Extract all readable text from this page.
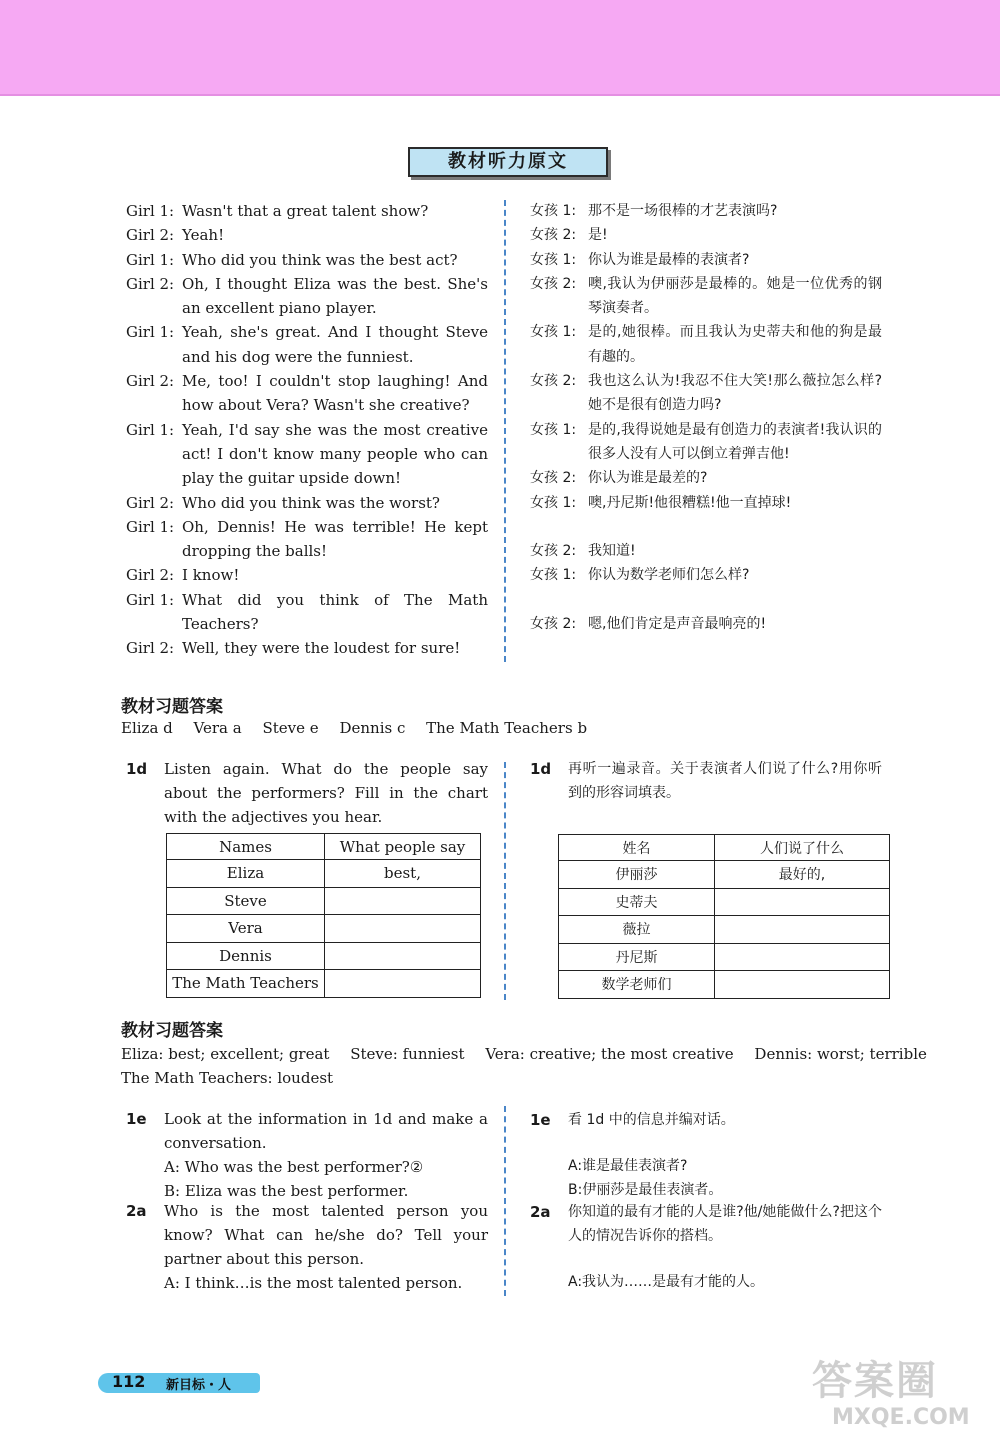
教材听力原文
Girl 1: Wasn't that a great talent show?
Girl 2: Yeah!
Girl 1: Who did you think was the best act?
Girl 2: Oh, I thought Eliza was the best. She's an excellent piano player.
Girl 1: Yeah, she's great. And I thought Steve and his dog were the funniest.
Girl 2: Me, too! I couldn't stop laughing! And how about Vera? Wasn't she creative?
Girl 1: Yeah, I'd say she was the most creative act! I don't know many people who can play the guitar upside down!
Girl 2: Who did you think was the worst?
Girl 1: Oh, Dennis! He was terrible! He kept dropping the balls!
Girl 2: I know!
Girl 1: What did you think of The Math Teachers?
Girl 2: Well, they were the loudest for sure!
女孩 1: 那不是一场很棒的才艺表演吗?
女孩 2: 是!
女孩 1: 你认为谁是最棒的表演者?
女孩 2: 噢,我认为伊丽莎是最棒的。她是一位优秀的钢琴演奏者。
女孩 1: 是的,她很棒。而且我认为史蒂夫和他的狗是最有趣的。
女孩 2: 我也这么认为!我忍不住大笑!那么薇拉怎么样?她不是很有创造力吗?
女孩 1: 是的,我得说她是最有创造力的表演者!我认识的很多人没有人可以倒立着弹吉他!
女孩 2: 你认为谁是最差的?
女孩 1: 噢,丹尼斯!他很糟糕!他一直掉球!
女孩 2: 我知道!
女孩 1: 你认为数学老师们怎么样?
女孩 2: 嗯,他们肯定是声音最响亮的!
教材习题答案
Eliza d Vera a Steve e Dennis c The Math Teachers b
1d Listen again. What do the people say about the performers? Fill in the chart with the adjectives you hear.
Names	What people say
Eliza	best,
Steve	
Vera	
Dennis	
The Math Teachers	
1d 再听一遍录音。关于表演者人们说了什么?用你听到的形容词填表。
姓名	人们说了什么
伊丽莎	最好的,
史蒂夫	
薇拉	
丹尼斯	
数学老师们	
教材习题答案
Eliza: best; excellent; great Steve: funniest Vera: creative; the most creative Dennis: worst; terrible
The Math Teachers: loudest
1e Look at the information in 1d and make a conversation.
A: Who was the best performer?②
B: Eliza was the best performer.
2a Who is the most talented person you know? What can he/she do? Tell your partner about this person.
A: I think…is the most talented person.
1e 看 1d 中的信息并编对话。
A:谁是最佳表演者?
B:伊丽莎是最佳表演者。
2a 你知道的最有才能的人是谁?他/她能做什么?把这个人的情况告诉你的搭档。
A:我认为……是最有才能的人。
112 新目标・人	答案圈
MXQE.COM
